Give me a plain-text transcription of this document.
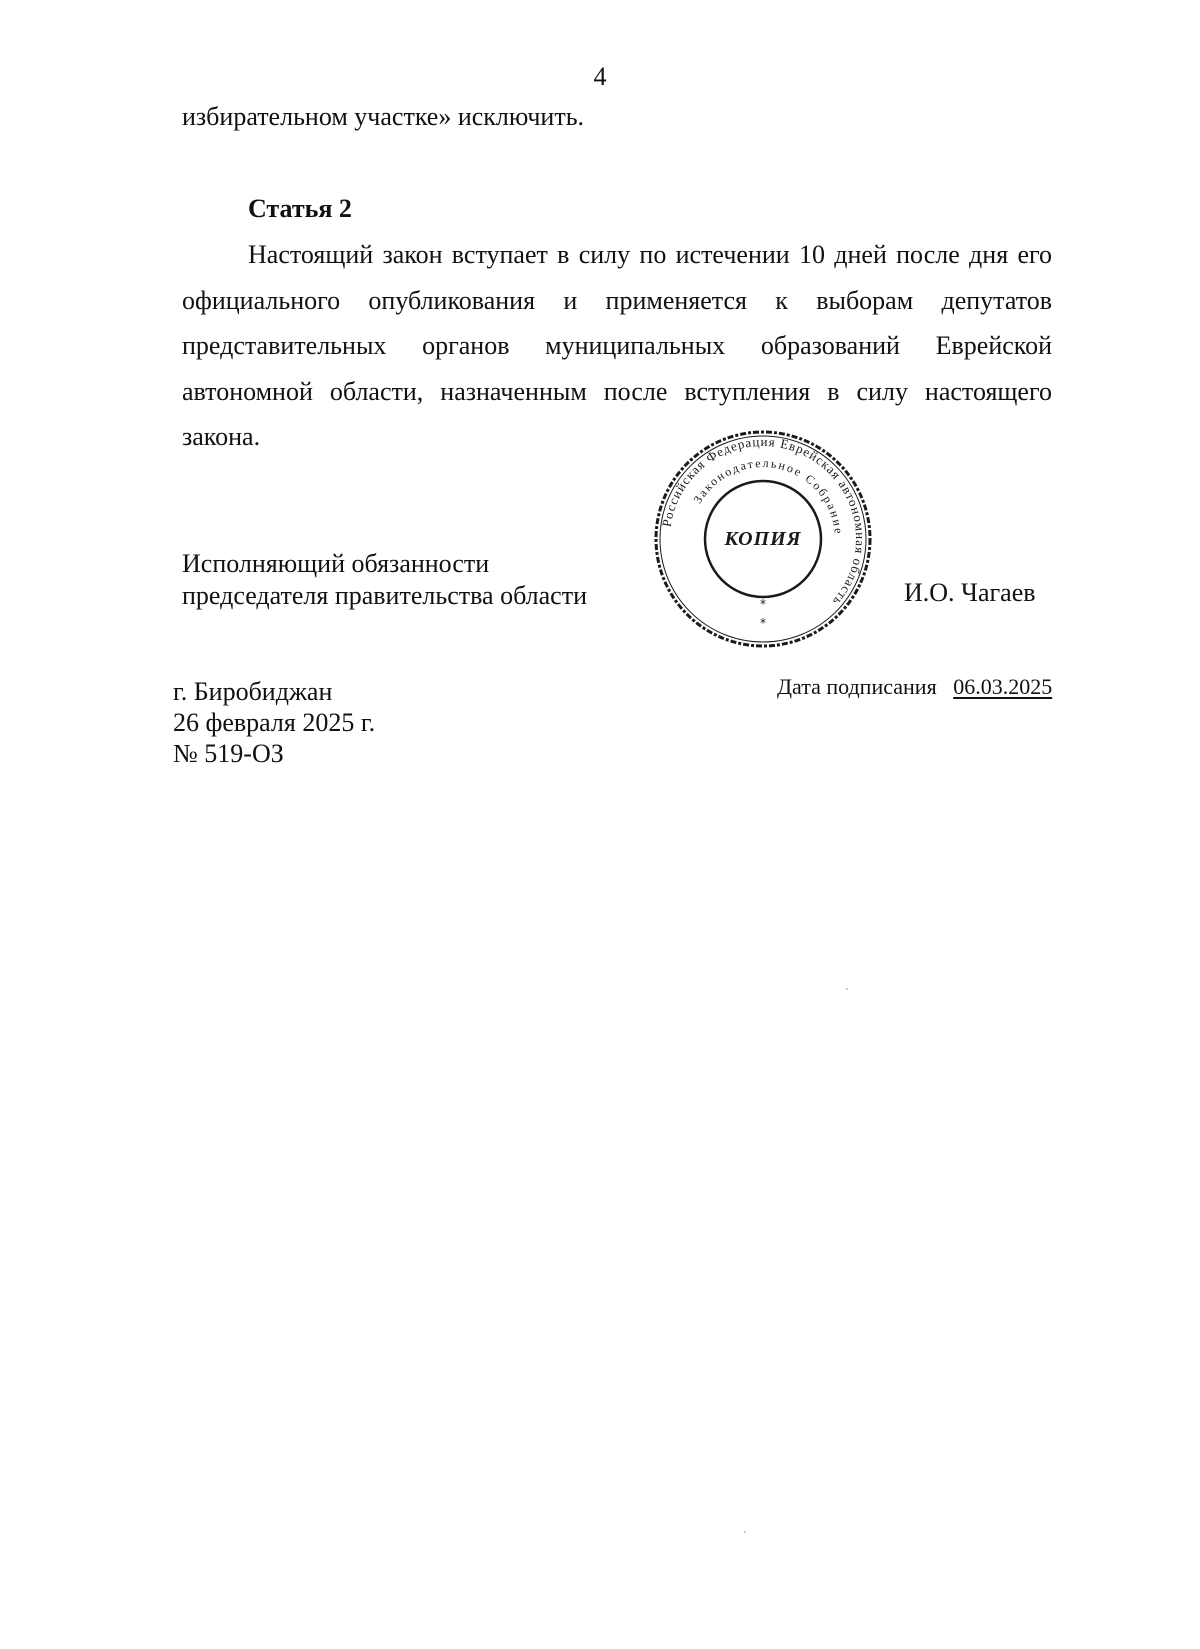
4
избирательном участке» исключить.
Статья 2
Настоящий закон вступает в силу по истечении 10 дней после дня его
официального опубликования и применяется к выборам депутатов
представительных органов муниципальных образований Еврейской
автономной области, назначенным после вступления в силу настоящего
закона.
Исполняющий обязанности
председателя правительства области	И.О. Чагаев
Российская Федерация Еврейская автономная область
Законодательное Собрание
КОПИЯ
*
*
г. Биробиджан
26 февраля 2025 г.
№ 519-ОЗ
Дата подписания 06.03.2025
